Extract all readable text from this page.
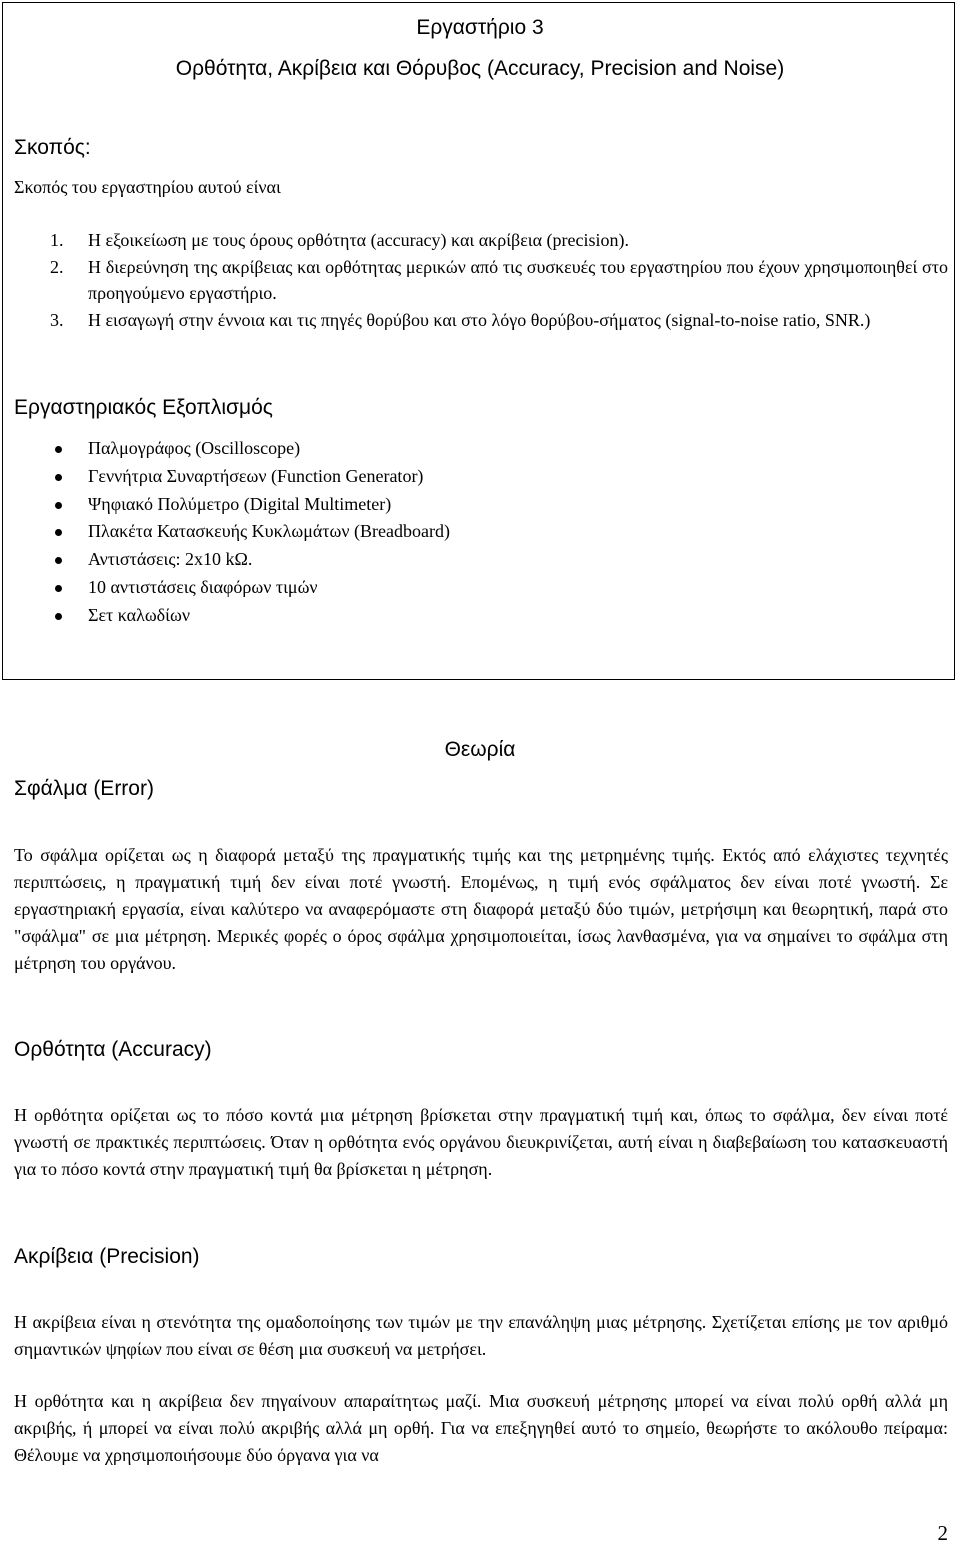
Εργαστήριο 3
Ορθότητα, Ακρίβεια και Θόρυβος (Accuracy, Precision and Noise)
Σκοπός:
Σκοπός του εργαστηρίου αυτού είναι
1. Η εξοικείωση με τους όρους ορθότητα (accuracy) και ακρίβεια (precision).
2. Η διερεύνηση της ακρίβειας και ορθότητας μερικών από τις συσκευές του εργαστηρίου που έχουν χρησιμοποιηθεί στο προηγούμενο εργαστήριο.
3. Η εισαγωγή στην έννοια και τις πηγές θορύβου και στο λόγο θορύβου-σήματος (signal-to-noise ratio, SNR.)
Εργαστηριακός Εξοπλισμός
Παλμογράφος (Oscilloscope)
Γεννήτρια Συναρτήσεων (Function Generator)
Ψηφιακό Πολύμετρο (Digital Multimeter)
Πλακέτα Κατασκευής Κυκλωμάτων (Breadboard)
Αντιστάσεις: 2x10 kΩ.
10 αντιστάσεις διαφόρων τιμών
Σετ καλωδίων
Θεωρία
Σφάλμα (Error)

Το σφάλμα ορίζεται ως η διαφορά μεταξύ της πραγματικής τιμής και της μετρημένης τιμής. Εκτός από ελάχιστες τεχνητές περιπτώσεις, η πραγματική τιμή δεν είναι ποτέ γνωστή. Επομένως, η τιμή ενός σφάλματος δεν είναι ποτέ γνωστή. Σε εργαστηριακή εργασία, είναι καλύτερο να αναφερόμαστε στη διαφορά μεταξύ δύο τιμών, μετρήσιμη και θεωρητική, παρά στο "σφάλμα" σε μια μέτρηση. Μερικές φορές ο όρος σφάλμα χρησιμοποιείται, ίσως λανθασμένα, για να σημαίνει το σφάλμα στη μέτρηση του οργάνου.

Ορθότητα (Accuracy)

Η ορθότητα ορίζεται ως το πόσο κοντά μια μέτρηση βρίσκεται στην πραγματική τιμή και, όπως το σφάλμα, δεν είναι ποτέ γνωστή σε πρακτικές περιπτώσεις. Όταν η ορθότητα ενός οργάνου διευκρινίζεται, αυτή είναι η διαβεβαίωση του κατασκευαστή για το πόσο κοντά στην πραγματική τιμή θα βρίσκεται η μέτρηση.

Ακρίβεια (Precision)

Η ακρίβεια είναι η στενότητα της ομαδοποίησης των τιμών με την επανάληψη μιας μέτρησης. Σχετίζεται επίσης με τον αριθμό σημαντικών ψηφίων που είναι σε θέση μια συσκευή να μετρήσει.

Η ορθότητα και η ακρίβεια δεν πηγαίνουν απαραίτητως μαζί. Μια συσκευή μέτρησης μπορεί να είναι πολύ ορθή αλλά μη ακριβής, ή μπορεί να είναι πολύ ακριβής αλλά μη ορθή. Για να επεξηγηθεί αυτό το σημείο, θεωρήστε το ακόλουθο πείραμα: Θέλουμε να χρησιμοποιήσουμε δύο όργανα για να

2
